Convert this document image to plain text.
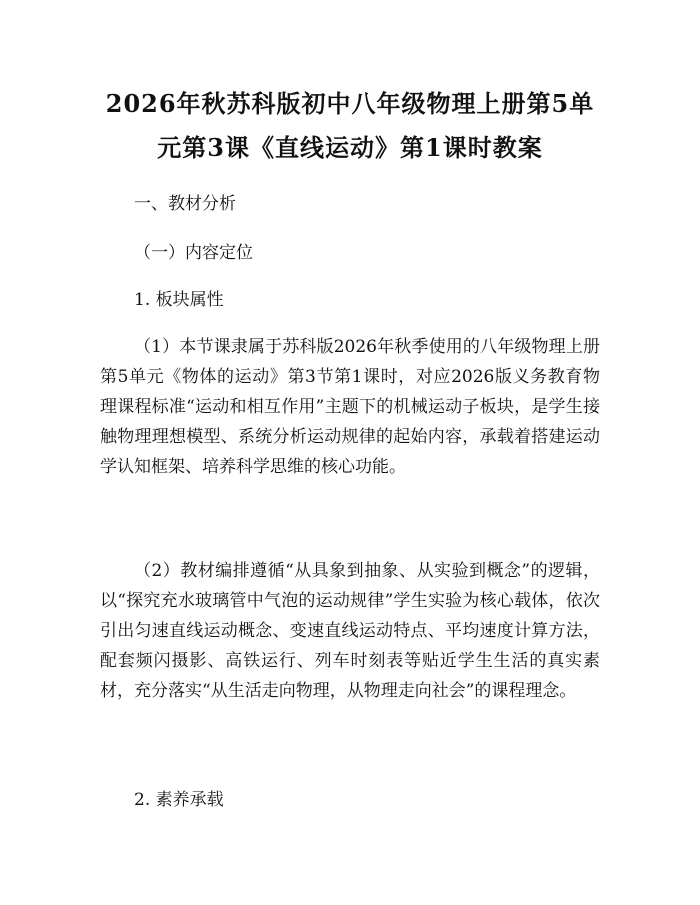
2026年秋苏科版初中八年级物理上册第5单元第3课《直线运动》第1课时教案

一、教材分析

（一）内容定位

1. 板块属性

（1）本节课隶属于苏科版2026年秋季使用的八年级物理上册第5单元《物体的运动》第3节第1课时，对应2026版义务教育物理课程标准“运动和相互作用”主题下的机械运动子板块，是学生接触物理理想模型、系统分析运动规律的起始内容，承载着搭建运动学认知框架、培养科学思维的核心功能。

（2）教材编排遵循“从具象到抽象、从实验到概念”的逻辑，以“探究充水玻璃管中气泡的运动规律”学生实验为核心载体，依次引出匀速直线运动概念、变速直线运动特点、平均速度计算方法，配套频闪摄影、高铁运行、列车时刻表等贴近学生生活的真实素材，充分落实“从生活走向物理，从物理走向社会”的课程理念。

2. 素养承载
